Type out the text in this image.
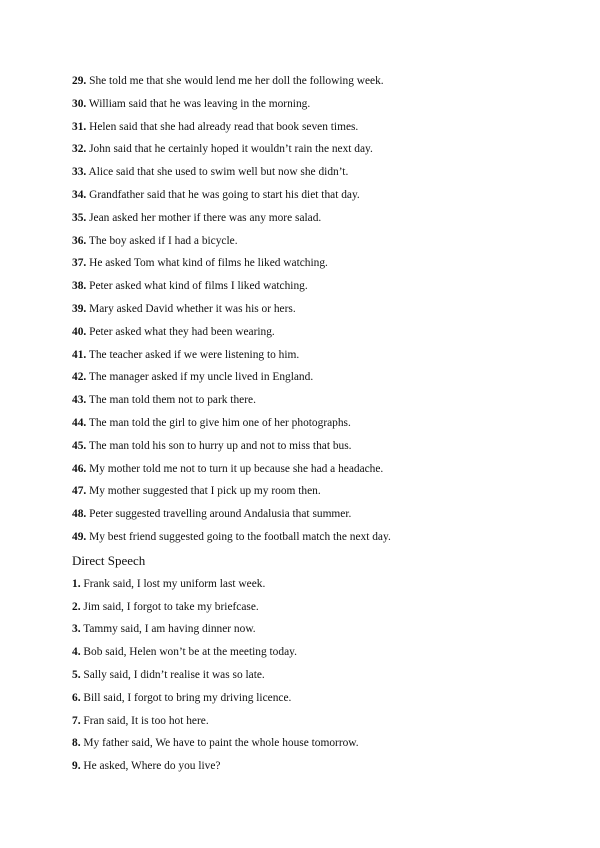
29. She told me that she would lend me her doll the following week.
30. William said that he was leaving in the morning.
31. Helen said that she had already read that book seven times.
32. John said that he certainly hoped it wouldn’t rain the next day.
33. Alice said that she used to swim well but now she didn’t.
34. Grandfather said that he was going to start his diet that day.
35. Jean asked her mother if there was any more salad.
36. The boy asked if I had a bicycle.
37. He asked Tom what kind of films he liked watching.
38. Peter asked what kind of films I liked watching.
39. Mary asked David whether it was his or hers.
40. Peter asked what they had been wearing.
41. The teacher asked if we were listening to him.
42. The manager asked if my uncle lived in England.
43. The man told them not to park there.
44. The man told the girl to give him one of her photographs.
45. The man told his son to hurry up and not to miss that bus.
46. My mother told me not to turn it up because she had a headache.
47. My mother suggested that I pick up my room then.
48. Peter suggested travelling around Andalusia that summer.
49. My best friend suggested going to the football match the next day.
Direct Speech
1. Frank said, I lost my uniform last week.
2. Jim said, I forgot to take my briefcase.
3. Tammy said, I am having dinner now.
4. Bob said, Helen won’t be at the meeting today.
5. Sally said, I didn’t realise it was so late.
6. Bill said, I forgot to bring my driving licence.
7. Fran said, It is too hot here.
8. My father said, We have to paint the whole house tomorrow.
9. He asked, Where do you live?
